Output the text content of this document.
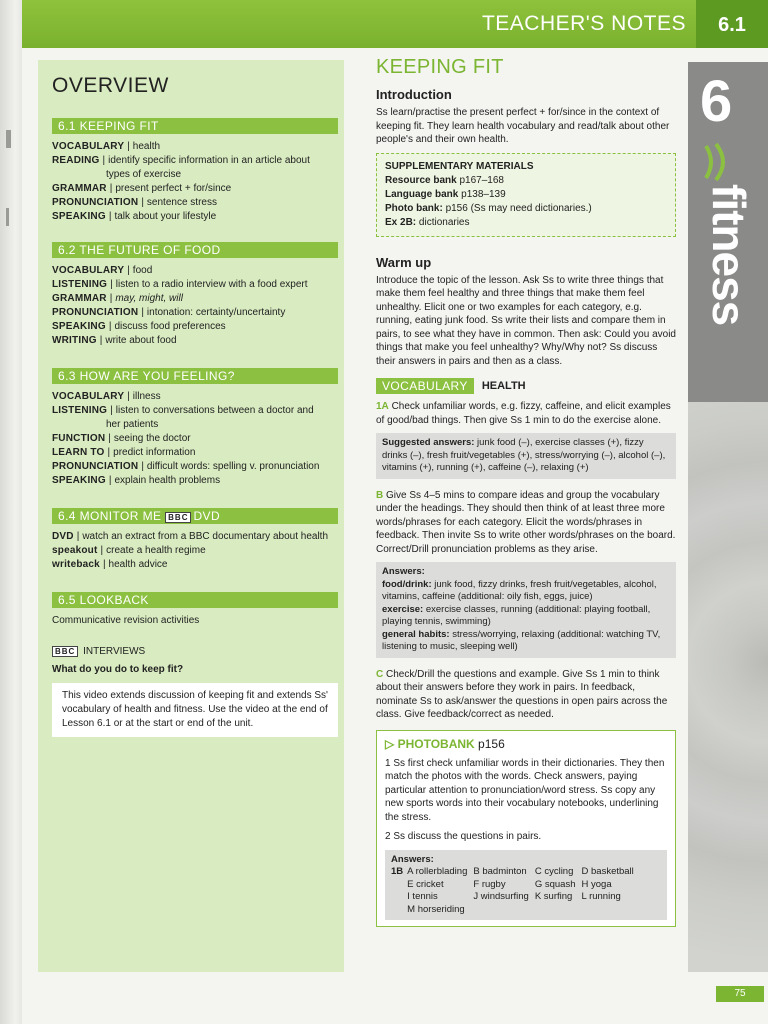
TEACHER'S NOTES	6.1
OVERVIEW
6.1 KEEPING FIT
VOCABULARY | health
READING | identify specific information in an article about
types of exercise
GRAMMAR | present perfect + for/since
PRONUNCIATION | sentence stress
SPEAKING | talk about your lifestyle
6.2 THE FUTURE OF FOOD
VOCABULARY | food
LISTENING | listen to a radio interview with a food expert
GRAMMAR | may, might, will
PRONUNCIATION | intonation: certainty/uncertainty
SPEAKING | discuss food preferences
WRITING | write about food
6.3 HOW ARE YOU FEELING?
VOCABULARY | illness
LISTENING | listen to conversations between a doctor and
her patients
FUNCTION | seeing the doctor
LEARN TO | predict information
PRONUNCIATION | difficult words: spelling v. pronunciation
SPEAKING | explain health problems
6.4 MONITOR ME BBC DVD
DVD | watch an extract from a BBC documentary about health
speakout | create a health regime
writeback | health advice
6.5 LOOKBACK
Communicative revision activities
BBC INTERVIEWS
What do you do to keep fit?
This video extends discussion of keeping fit and extends Ss' vocabulary of health and fitness. Use the video at the end of Lesson 6.1 or at the start or end of the unit.
KEEPING FIT
Introduction
Ss learn/practise the present perfect + for/since in the context of keeping fit. They learn health vocabulary and read/talk about other people's and their own health.
SUPPLEMENTARY MATERIALS
Resource bank p167–168
Language bank p138–139
Photo bank: p156 (Ss may need dictionaries.)
Ex 2B: dictionaries
Warm up
Introduce the topic of the lesson. Ask Ss to write three things that make them feel healthy and three things that make them feel unhealthy. Elicit one or two examples for each category, e.g. running, eating junk food. Ss write their lists and compare them in pairs, to see what they have in common. Then ask: Could you avoid things that make you feel unhealthy? Why/Why not? Ss discuss their answers in pairs and then as a class.
VOCABULARY	HEALTH
1A Check unfamiliar words, e.g. fizzy, caffeine, and elicit examples of good/bad things. Then give Ss 1 min to do the exercise alone.
Suggested answers: junk food (–), exercise classes (+), fizzy drinks (–), fresh fruit/vegetables (+), stress/worrying (–), alcohol (–), vitamins (+), running (+), caffeine (–), relaxing (+)
B Give Ss 4–5 mins to compare ideas and group the vocabulary under the headings. They should then think of at least three more words/phrases for each category. Elicit the words/phrases in feedback. Then invite Ss to write other words/phrases on the board. Correct/Drill pronunciation problems as they arise.
Answers:
food/drink: junk food, fizzy drinks, fresh fruit/vegetables, alcohol, vitamins, caffeine (additional: oily fish, eggs, juice)
exercise: exercise classes, running (additional: playing football, playing tennis, swimming)
general habits: stress/worrying, relaxing (additional: watching TV, listening to music, sleeping well)
C Check/Drill the questions and example. Give Ss 1 min to think about their answers before they work in pairs. In feedback, nominate Ss to ask/answer the questions in open pairs across the class. Give feedback/correct as needed.
▷ PHOTOBANK p156
1 Ss first check unfamiliar words in their dictionaries. They then match the photos with the words. Check answers, paying particular attention to pronunciation/word stress. Ss copy any new sports words into their vocabulary notebooks, underlining the stress.
2 Ss discuss the questions in pairs.
Answers:
1B A rollerblading B badminton C cycling D basketball
E cricket	F rugby	G squash H yoga
I tennis	J windsurfing K surfing L running
M horseriding
6
fitness
75
